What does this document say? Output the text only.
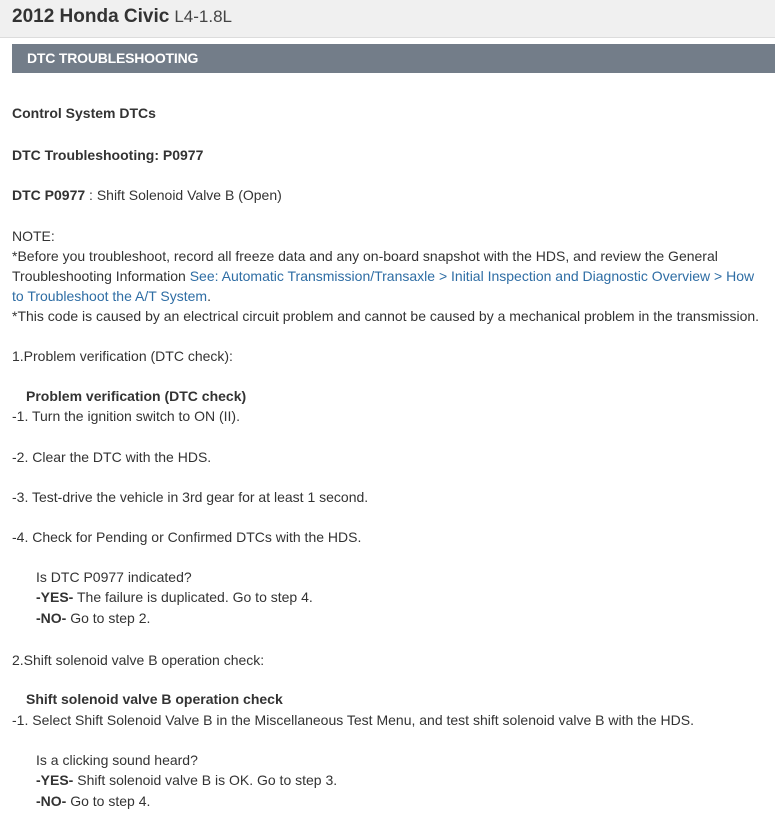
2012 Honda Civic L4-1.8L
DTC TROUBLESHOOTING
Control System DTCs
DTC Troubleshooting: P0977
DTC P0977 : Shift Solenoid Valve B (Open)
NOTE:
*Before you troubleshoot, record all freeze data and any on-board snapshot with the HDS, and review the General
Troubleshooting Information See: Automatic Transmission/Transaxle > Initial Inspection and Diagnostic Overview > How
to Troubleshoot the A/T System.
*This code is caused by an electrical circuit problem and cannot be caused by a mechanical problem in the transmission.
1.Problem verification (DTC check):
Problem verification (DTC check)
-1. Turn the ignition switch to ON (II).
-2. Clear the DTC with the HDS.
-3. Test-drive the vehicle in 3rd gear for at least 1 second.
-4. Check for Pending or Confirmed DTCs with the HDS.
Is DTC P0977 indicated?
-YES- The failure is duplicated. Go to step 4.
-NO- Go to step 2.
2.Shift solenoid valve B operation check:
Shift solenoid valve B operation check
-1. Select Shift Solenoid Valve B in the Miscellaneous Test Menu, and test shift solenoid valve B with the HDS.
Is a clicking sound heard?
-YES- Shift solenoid valve B is OK. Go to step 3.
-NO- Go to step 4.
